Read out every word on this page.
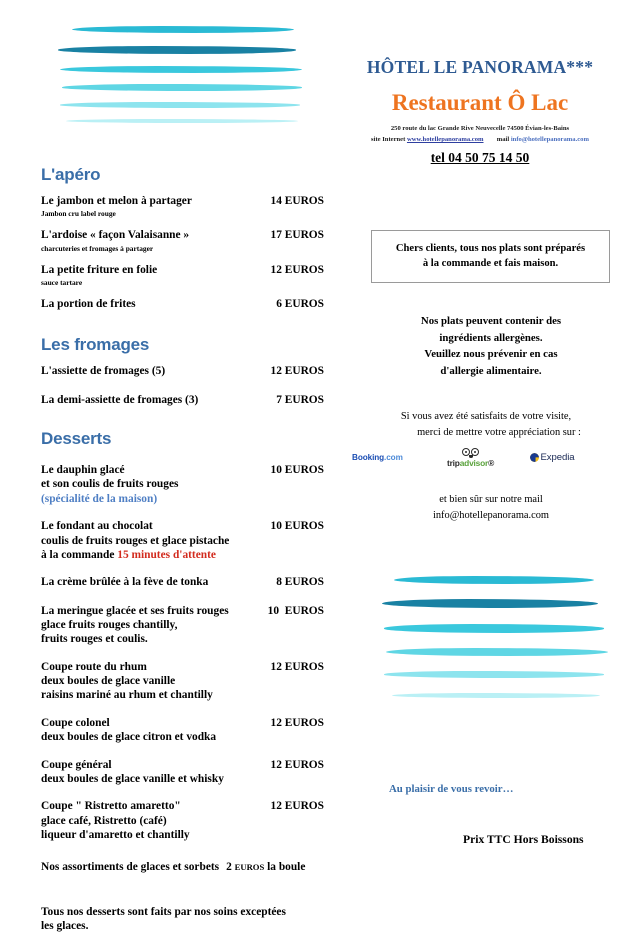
HÔTEL LE PANORAMA***
Restaurant Ô Lac
250 route du lac Grande Rive Neuvecelle 74500 Évian-les-Bains
site Internet www.hotellepanorama.com mail info@hotellepanorama.com
tel 04 50 75 14 50
L'apéro
Le jambon et melon à partager	14 EUROS
Jambon cru label rouge
L'ardoise « façon Valaisanne »	17 EUROS
charcuteries et fromages à partager
La petite friture en folie	12 EUROS
sauce tartare
La portion de frites	6 EUROS
Les fromages
L'assiette de fromages (5)	12 EUROS
La demi-assiette de fromages (3)	7 EUROS
Desserts
Le dauphin glacé	10 EUROS
et son coulis de fruits rouges
(spécialité de la maison)
Le fondant au chocolat	10 EUROS
coulis de fruits rouges et glace pistache
à la commande 15 minutes d'attente
La crème brûlée à la fève de tonka	8 EUROS
La meringue glacée et ses fruits rouges	10  EUROS
glace fruits rouges chantilly,
fruits rouges et coulis.
Coupe route du rhum	12 EUROS
deux boules de glace vanille
raisins mariné au rhum et chantilly
Coupe colonel	12 EUROS
deux boules de glace citron et vodka
Coupe général	12 EUROS
deux boules de glace vanille et whisky
Coupe " Ristretto amaretto"	12 EUROS
glace café, Ristretto (café)
liqueur d'amaretto et chantilly
Nos assortiments de glaces et sorbets 2 EUROS la boule
Tous nos desserts sont faits par nos soins exceptées
les glaces.

Chers clients, tous nos plats sont préparés
à la commande et fais maison.

Nos plats peuvent contenir des
ingrédients allergènes.
Veuillez nous prévenir en cas
d'allergie alimentaire.
Si vous avez été satisfaits de votre visite,
merci de mettre votre appréciation sur :
Booking.com	tripadvisor®	Expedia
et bien sûr sur notre mail
info@hotellepanorama.com
Au plaisir de vous revoir…
Prix TTC Hors Boissons
